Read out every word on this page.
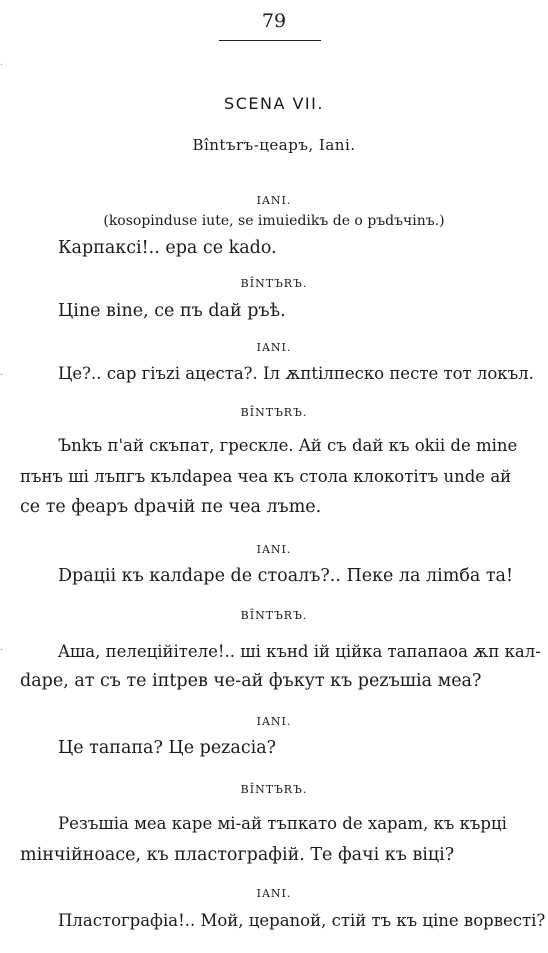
79
SCENA VII.
Bîntъrъ-цеаръ, Iani.
IANI.
(kosopinduse iute, se imuiedikъ de o pъdъчinъ.)
Карпаксi!.. ера се kado.
BÎNTЪRЪ.
Цine вine, се пъ daй ръѣ.
IANI.
Це?.. саp гiъzi ацеста?. Iл ѫпtiлпеско песте тот локъл.
BÎNTЪRЪ.
Ъnkъ п'aй скъпат, грескле. Aй съ daй къ okii de mine
пънъ шi лъпгъ кълdapea чеа къ стола клокотiтъ unde aй
се те фeapъ dpaчiй пе чea лъme.
IANI.
Dpaцii къ калdape de стоалъ?.. Пеке ла лimба та!
BÎNTЪRЪ.
Aша, пeлeцiйiтеле!.. шi кънd iй цiйка тапапаоа ѫп кал-
dape, ат съ те iпtpeв че-aй фъкут къ pezъшia меа?
IANI.
Це тапапа? Це pezacia?
BÎNTЪRЪ.
Pезъшia меа каре мi-aй тъпкато de хapam, къ кърцi
miнчiйнoace, къ пластографiй. Те фачi къ вiцi?
IANI.
Пластографia!.. Мoй, цepanoй, стiй тъ къ цine ворвeстi?
·
·
·
